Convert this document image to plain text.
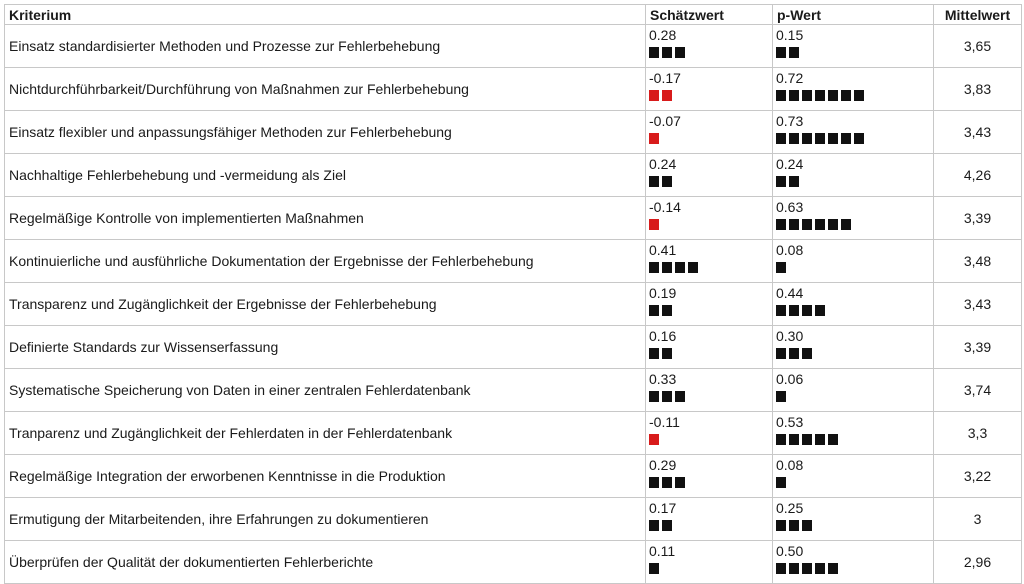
Kriterium	Schätzwert	p-Wert	Mittelwert
Einsatz standardisierter Methoden und Prozesse zur Fehlerbehebung	0.28	0.15	3,65
Nichtdurchführbarkeit/Durchführung von Maßnahmen zur Fehlerbehebung	-0.17	0.72	3,83
Einsatz flexibler und anpassungsfähiger Methoden zur Fehlerbehebung	-0.07	0.73	3,43
Nachhaltige Fehlerbehebung und -vermeidung als Ziel	0.24	0.24	4,26
Regelmäßige Kontrolle von implementierten Maßnahmen	-0.14	0.63	3,39
Kontinuierliche und ausführliche Dokumentation der Ergebnisse der Fehlerbehebung	0.41	0.08	3,48
Transparenz und Zugänglichkeit der Ergebnisse der Fehlerbehebung	0.19	0.44	3,43
Definierte Standards zur Wissenserfassung	0.16	0.30	3,39
Systematische Speicherung von Daten in einer zentralen Fehlerdatenbank	0.33	0.06	3,74
Tranparenz und Zugänglichkeit der Fehlerdaten in der Fehlerdatenbank	-0.11	0.53	3,3
Regelmäßige Integration der erworbenen Kenntnisse in die Produktion	0.29	0.08	3,22
Ermutigung der Mitarbeitenden, ihre Erfahrungen zu dokumentieren	0.17	0.25	3
Überprüfen der Qualität der dokumentierten Fehlerberichte	0.11	0.50	2,96
